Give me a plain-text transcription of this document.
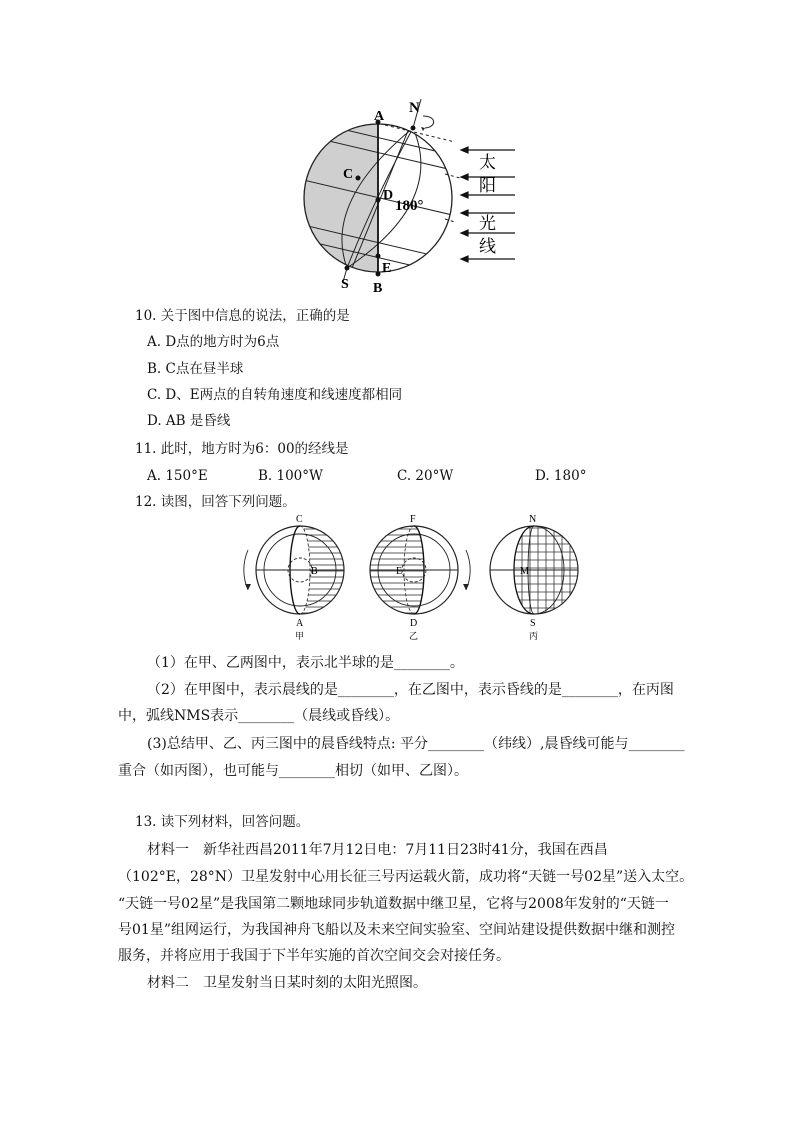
A
N
C
D
180°
E
S B
太
阳
光
线
10. 关于图中信息的说法，正确的是
A. D点的地方时为6点
B. C点在昼半球
C. D、E两点的自转角速度和线速度都相同
D. AB 是昏线
11. 此时，地方时为6：00的经线是
A. 150°E	B. 100°W	C. 20°W	D. 180°
12. 读图，回答下列问题。
C
B
A
甲
F
E
D
乙
N
M
S
丙
（1）在甲、乙两图中，表示北半球的是________。
（2）在甲图中，表示晨线的是________，在乙图中，表示昏线的是________，在丙图
中，弧线NMS表示________（晨线或昏线）。
(3)总结甲、乙、丙三图中的晨昏线特点: 平分________（纬线）,晨昏线可能与________
重合（如丙图），也可能与________相切（如甲、乙图）。
13. 读下列材料，回答问题。
材料一　新华社西昌2011年7月12日电：7月11日23时41分，我国在西昌
（102°E，28°N）卫星发射中心用长征三号丙运载火箭，成功将“天链一号02星”送入太空。
“天链一号02星”是我国第二颗地球同步轨道数据中继卫星，它将与2008年发射的“天链一
号01星”组网运行，为我国神舟飞船以及未来空间实验室、空间站建设提供数据中继和测控
服务，并将应用于我国于下半年实施的首次空间交会对接任务。
材料二　卫星发射当日某时刻的太阳光照图。
